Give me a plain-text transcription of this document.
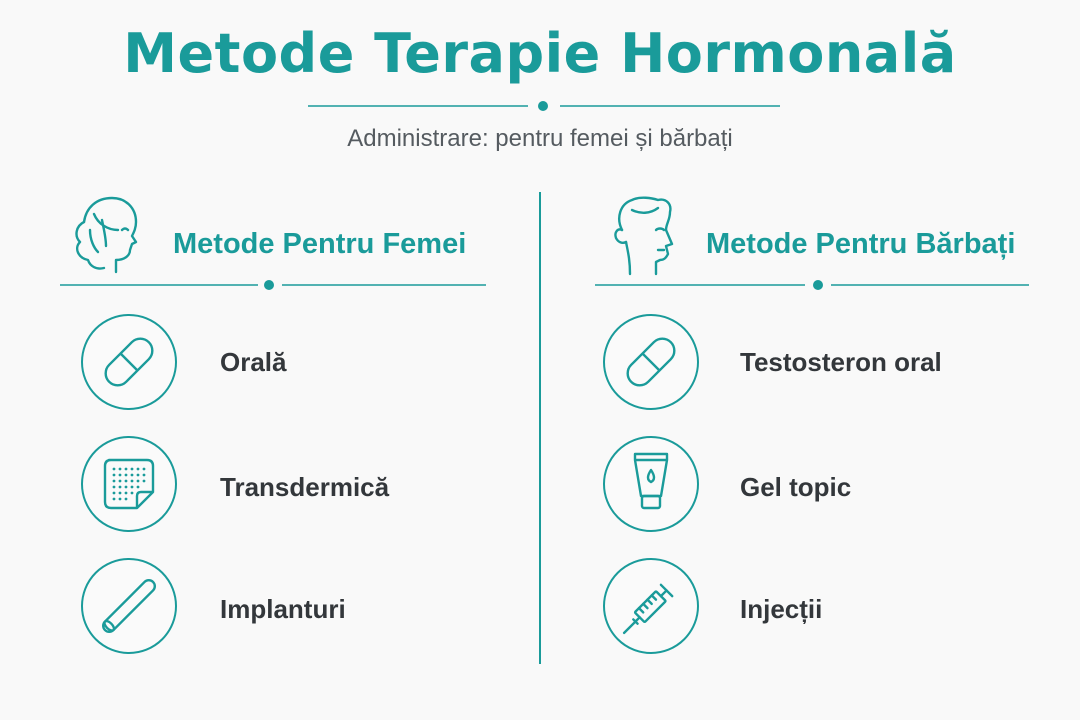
Metode Terapie Hormonală
Administrare: pentru femei și bărbați
Metode Pentru Femei
Orală
Transdermică
Implanturi
Metode Pentru Bărbați
Testosteron oral
Gel topic
Injecții
